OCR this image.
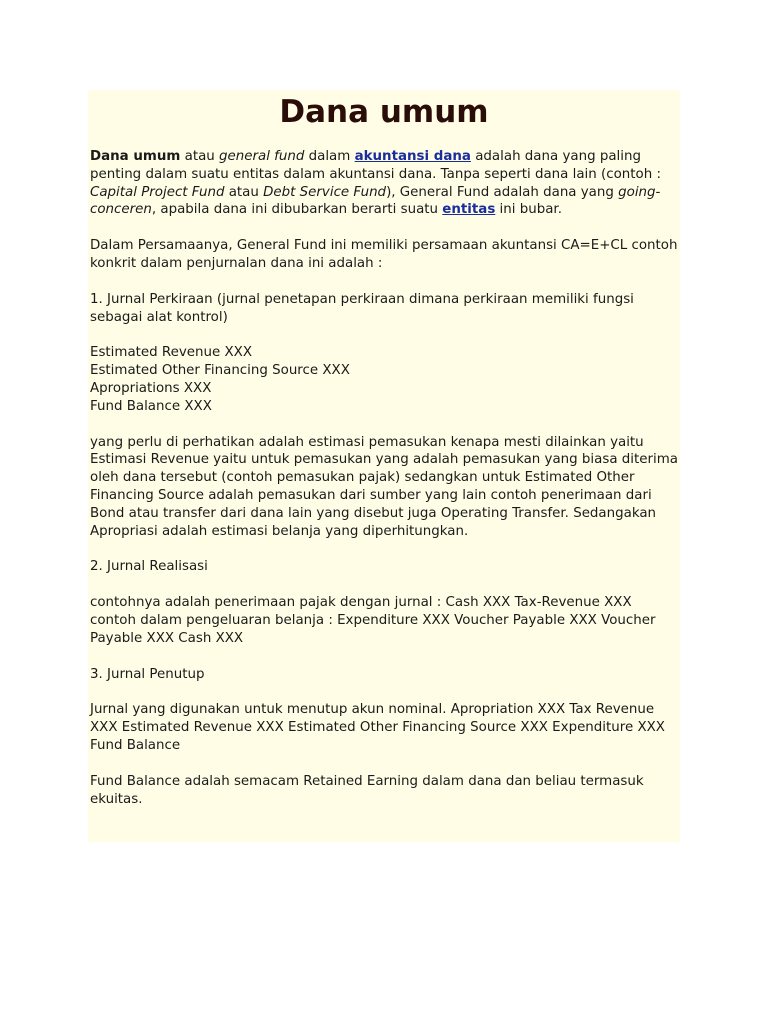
Dana umum

Dana umum atau general fund dalam akuntansi dana adalah dana yang paling penting dalam suatu entitas dalam akuntansi dana. Tanpa seperti dana lain (contoh : Capital Project Fund atau Debt Service Fund), General Fund adalah dana yang going-conceren, apabila dana ini dibubarkan berarti suatu entitas ini bubar.

Dalam Persamaanya, General Fund ini memiliki persamaan akuntansi CA=E+CL contoh konkrit dalam penjurnalan dana ini adalah :

1. Jurnal Perkiraan (jurnal penetapan perkiraan dimana perkiraan memiliki fungsi sebagai alat kontrol)

Estimated Revenue XXX
Estimated Other Financing Source XXX
Apropriations XXX
Fund Balance XXX

yang perlu di perhatikan adalah estimasi pemasukan kenapa mesti dilainkan yaitu Estimasi Revenue yaitu untuk pemasukan yang adalah pemasukan yang biasa diterima oleh dana tersebut (contoh pemasukan pajak) sedangkan untuk Estimated Other Financing Source adalah pemasukan dari sumber yang lain contoh penerimaan dari Bond atau transfer dari dana lain yang disebut juga Operating Transfer. Sedangakan Apropriasi adalah estimasi belanja yang diperhitungkan.

2. Jurnal Realisasi

contohnya adalah penerimaan pajak dengan jurnal : Cash XXX Tax-Revenue XXX contoh dalam pengeluaran belanja : Expenditure XXX Voucher Payable XXX Voucher Payable XXX Cash XXX

3. Jurnal Penutup

Jurnal yang digunakan untuk menutup akun nominal. Apropriation XXX Tax Revenue XXX Estimated Revenue XXX Estimated Other Financing Source XXX Expenditure XXX Fund Balance

Fund Balance adalah semacam Retained Earning dalam dana dan beliau termasuk ekuitas.
